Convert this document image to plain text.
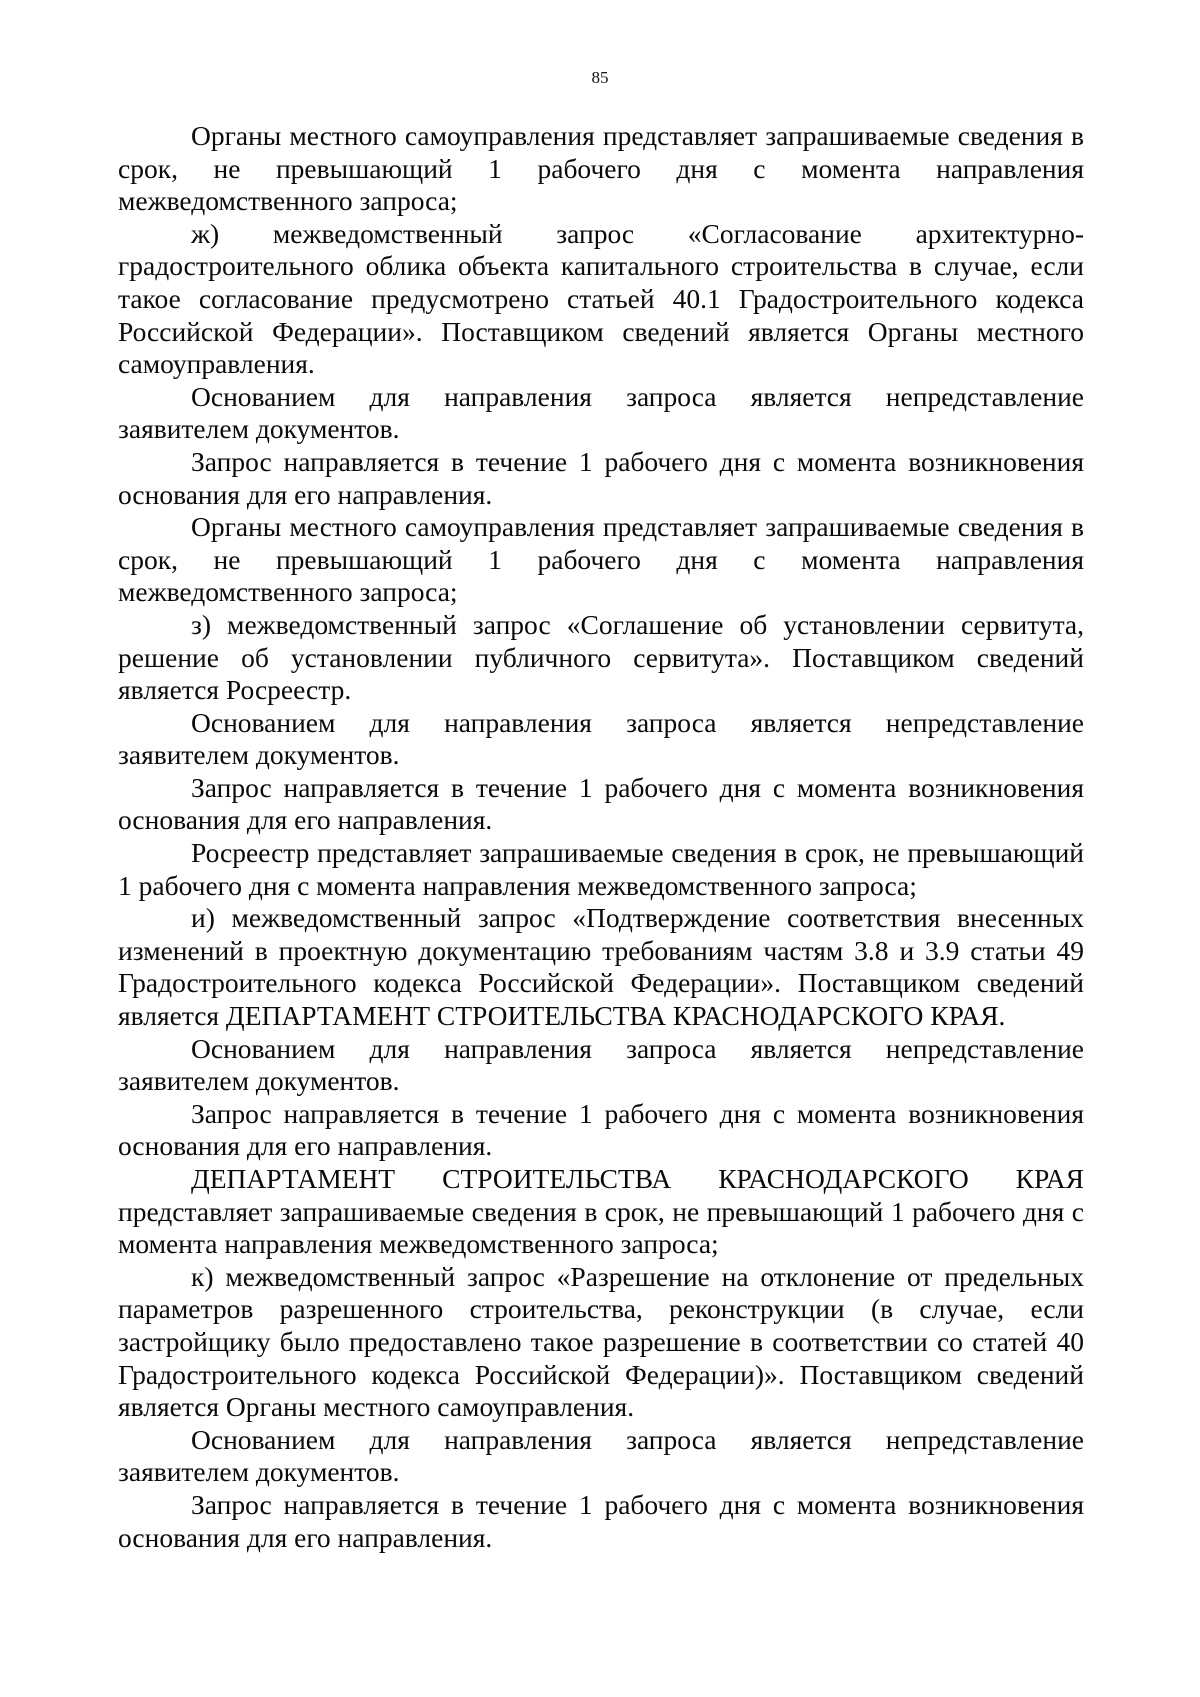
85

Органы местного самоуправления представляет запрашиваемые сведения в срок, не превышающий 1 рабочего дня с момента направления межведомственного запроса;

ж) межведомственный запрос «Согласование архитектурно-градостроительного облика объекта капитального строительства в случае, если такое согласование предусмотрено статьей 40.1 Градостроительного кодекса Российской Федерации». Поставщиком сведений является Органы местного самоуправления.

Основанием для направления запроса является непредставление заявителем документов.

Запрос направляется в течение 1 рабочего дня с момента возникновения основания для его направления.

Органы местного самоуправления представляет запрашиваемые сведения в срок, не превышающий 1 рабочего дня с момента направления межведомственного запроса;

з) межведомственный запрос «Соглашение об установлении сервитута, решение об установлении публичного сервитута». Поставщиком сведений является Росреестр.

Основанием для направления запроса является непредставление заявителем документов.

Запрос направляется в течение 1 рабочего дня с момента возникновения основания для его направления.

Росреестр представляет запрашиваемые сведения в срок, не превышающий 1 рабочего дня с момента направления межведомственного запроса;

и) межведомственный запрос «Подтверждение соответствия внесенных изменений в проектную документацию требованиям частям 3.8 и 3.9 статьи 49 Градостроительного кодекса Российской Федерации». Поставщиком сведений является ДЕПАРТАМЕНТ СТРОИТЕЛЬСТВА КРАСНОДАРСКОГО КРАЯ.

Основанием для направления запроса является непредставление заявителем документов.

Запрос направляется в течение 1 рабочего дня с момента возникновения основания для его направления.

ДЕПАРТАМЕНТ СТРОИТЕЛЬСТВА КРАСНОДАРСКОГО КРАЯ представляет запрашиваемые сведения в срок, не превышающий 1 рабочего дня с момента направления межведомственного запроса;

к) межведомственный запрос «Разрешение на отклонение от предельных параметров разрешенного строительства, реконструкции (в случае, если застройщику было предоставлено такое разрешение в соответствии со статей 40 Градостроительного кодекса Российской Федерации)». Поставщиком сведений является Органы местного самоуправления.

Основанием для направления запроса является непредставление заявителем документов.

Запрос направляется в течение 1 рабочего дня с момента возникновения основания для его направления.
